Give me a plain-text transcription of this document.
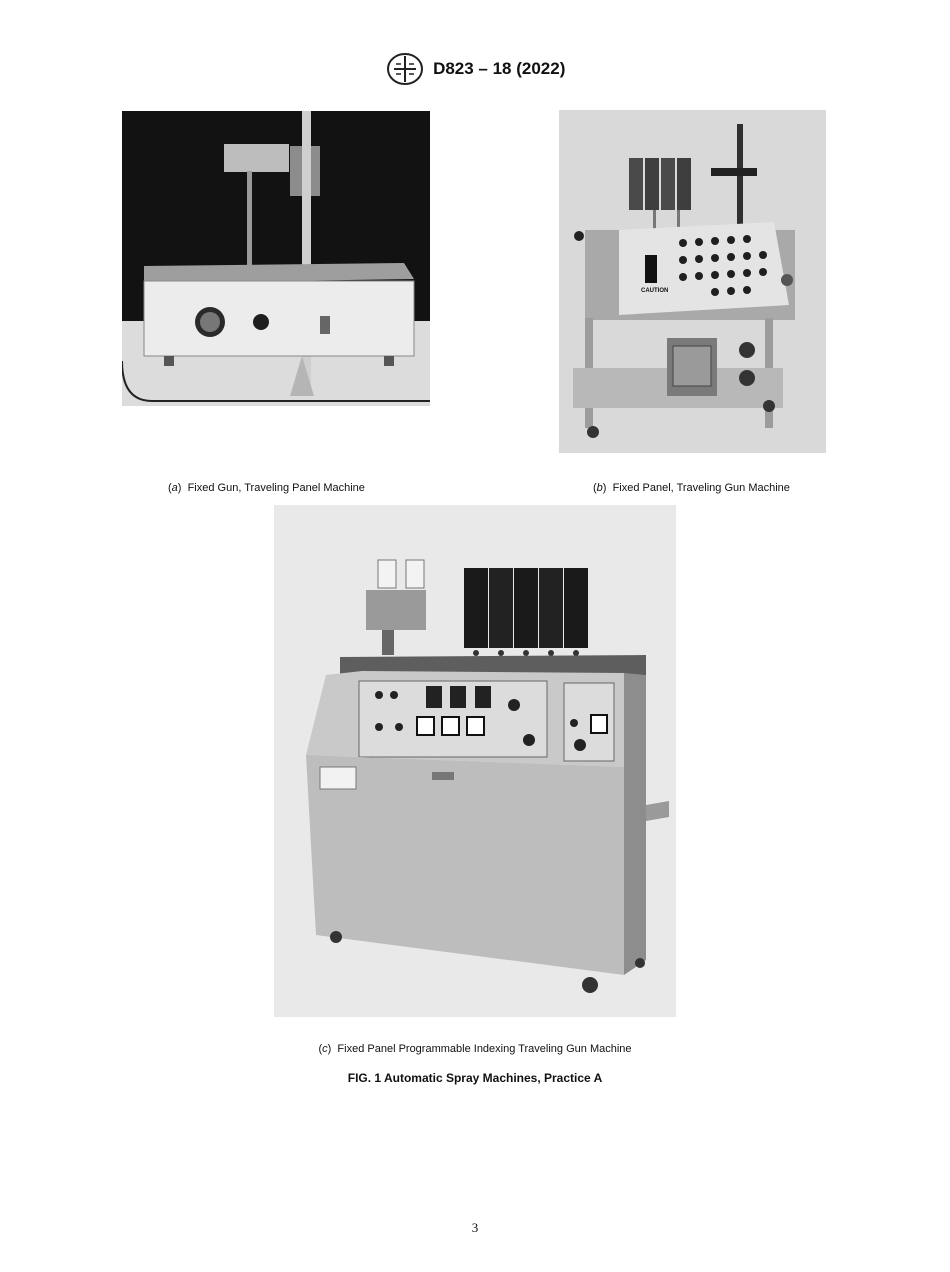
D823 – 18 (2022)
CAUTION
(a)  Fixed Gun, Traveling Panel Machine	(b)  Fixed Panel, Traveling Gun Machine
(c)  Fixed Panel Programmable Indexing Traveling Gun Machine
FIG. 1 Automatic Spray Machines, Practice A
3
